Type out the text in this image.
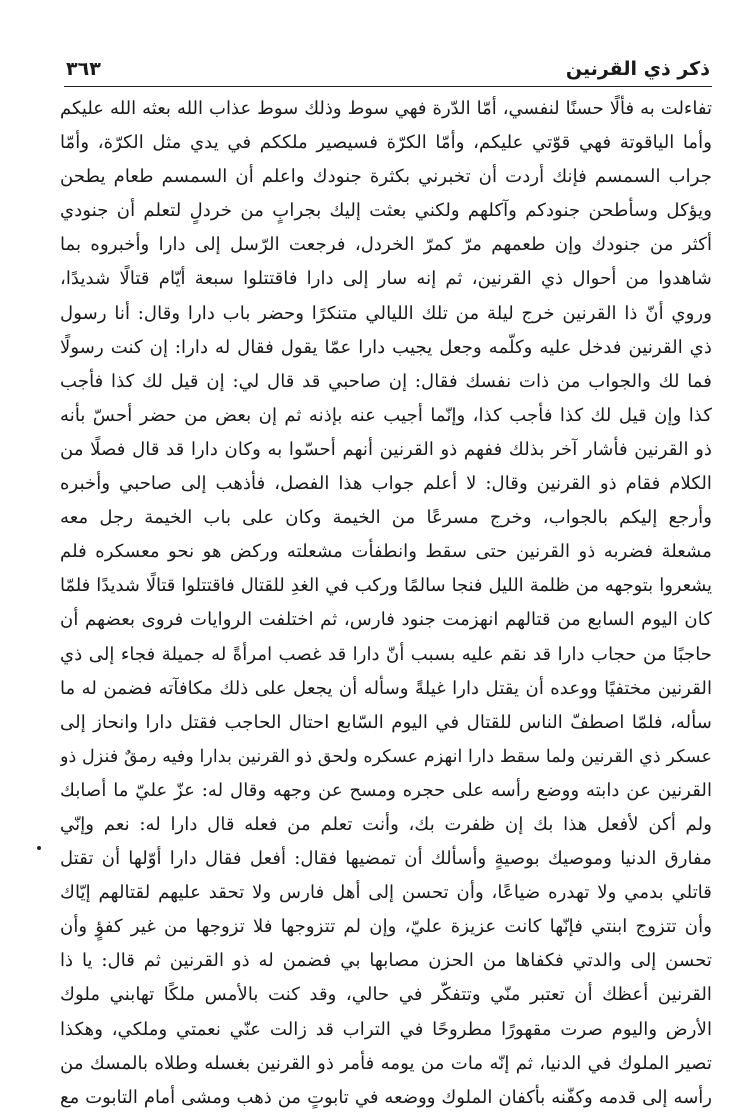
ذكر ذي القرنين
٣٦٣
تفاءلت به فألًا حسنًا لنفسي، أمّا الدّرة فهي سوط وذلك سوط عذاب الله بعثه الله عليكم
وأما الياقوتة فهي قوّتي عليكم، وأمّا الكرّة فسيصير ملككم في يدي مثل الكرّة، وأمّا
جراب السمسم فإنك أردت أن تخبرني بكثرة جنودك واعلم أن السمسم طعام يطحن
ويؤكل وسأطحن جنودكم وآكلهم ولكني بعثت إليك بجرابٍ من خردلٍ لتعلم أن جنودي
أكثر من جنودك وإن طعمهم مرّ كمرّ الخردل، فرجعت الرّسل إلى دارا وأخبروه بما
شاهدوا من أحوال ذي القرنين، ثم إنه سار إلى دارا فاقتتلوا سبعة أيّام قتالًا شديدًا،
وروي أنّ ذا القرنين خرج ليلة من تلك الليالي متنكرًا وحضر باب دارا وقال: أنا رسول
ذي القرنين فدخل عليه وكلّمه وجعل يجيب دارا عمّا يقول فقال له دارا: إن كنت رسولًا
فما لك والجواب من ذات نفسك فقال: إن صاحبي قد قال لي: إن قيل لك كذا فأجب
كذا وإن قيل لك كذا فأجب كذا، وإنّما أجيب عنه بإذنه ثم إن بعض من حضر أحسّ بأنه
ذو القرنين فأشار آخر بذلك ففهم ذو القرنين أنهم أحسّوا به وكان دارا قد قال فصلًا من
الكلام فقام ذو القرنين وقال: لا أعلم جواب هذا الفصل، فأذهب إلى صاحبي وأخبره
وأرجع إليكم بالجواب، وخرج مسرعًا من الخيمة وكان على باب الخيمة رجل معه
مشعلة فضربه ذو القرنين حتى سقط وانطفأت مشعلته وركض هو نحو معسكره فلم
يشعروا بتوجهه من ظلمة الليل فنجا سالمًا وركب في الغدِ للقتال فاقتتلوا قتالًا شديدًا فلمّا
كان اليوم السابع من قتالهم انهزمت جنود فارس، ثم اختلفت الروايات فروى بعضهم أن
حاجبًا من حجاب دارا قد نقم عليه بسبب أنّ دارا قد غصب امرأةً له جميلة فجاء إلى ذي
القرنين مختفيًا ووعده أن يقتل دارا غيلةً وسأله أن يجعل على ذلك مكافآته فضمن له ما
سأله، فلمّا اصطفّ الناس للقتال في اليوم السّابع احتال الحاجب فقتل دارا وانحاز إلى
عسكر ذي القرنين ولما سقط دارا انهزم عسكره ولحق ذو القرنين بدارا وفيه رمقٌ فنزل ذو
القرنين عن دابته ووضع رأسه على حجره ومسح عن وجهه وقال له: عزّ عليّ ما أصابك
ولم أكن لأفعل هذا بك إن ظفرت بك، وأنت تعلم من فعله قال دارا له: نعم وإنّي
مفارق الدنيا وموصيك بوصيةٍ وأسألك أن تمضيها فقال: أفعل فقال دارا أوّلها أن تقتل
قاتلي بدمي ولا تهدره ضياعًا، وأن تحسن إلى أهل فارس ولا تحقد عليهم لقتالهم إيّاك
وأن تتزوج ابنتي فإنّها كانت عزيزة عليّ، وإن لم تتزوجها فلا تزوجها من غير كفؤٍ وأن
تحسن إلى والدتي فكفاها من الحزن مصابها بي فضمن له ذو القرنين ثم قال: يا ذا
القرنين أعظك أن تعتبر منّي وتتفكّر في حالي، وقد كنت بالأمس ملكًا تهابني ملوك
الأرض واليوم صرت مقهورًا مطروحًا في التراب قد زالت عنّي نعمتي وملكي، وهكذا
تصير الملوك في الدنيا، ثم إنّه مات من يومه فأمر ذو القرنين بغسله وطلاه بالمسك من
رأسه إلى قدمه وكفّنه بأكفان الملوك ووضعه في تابوتٍ من ذهب ومشى أمام التابوت مع
